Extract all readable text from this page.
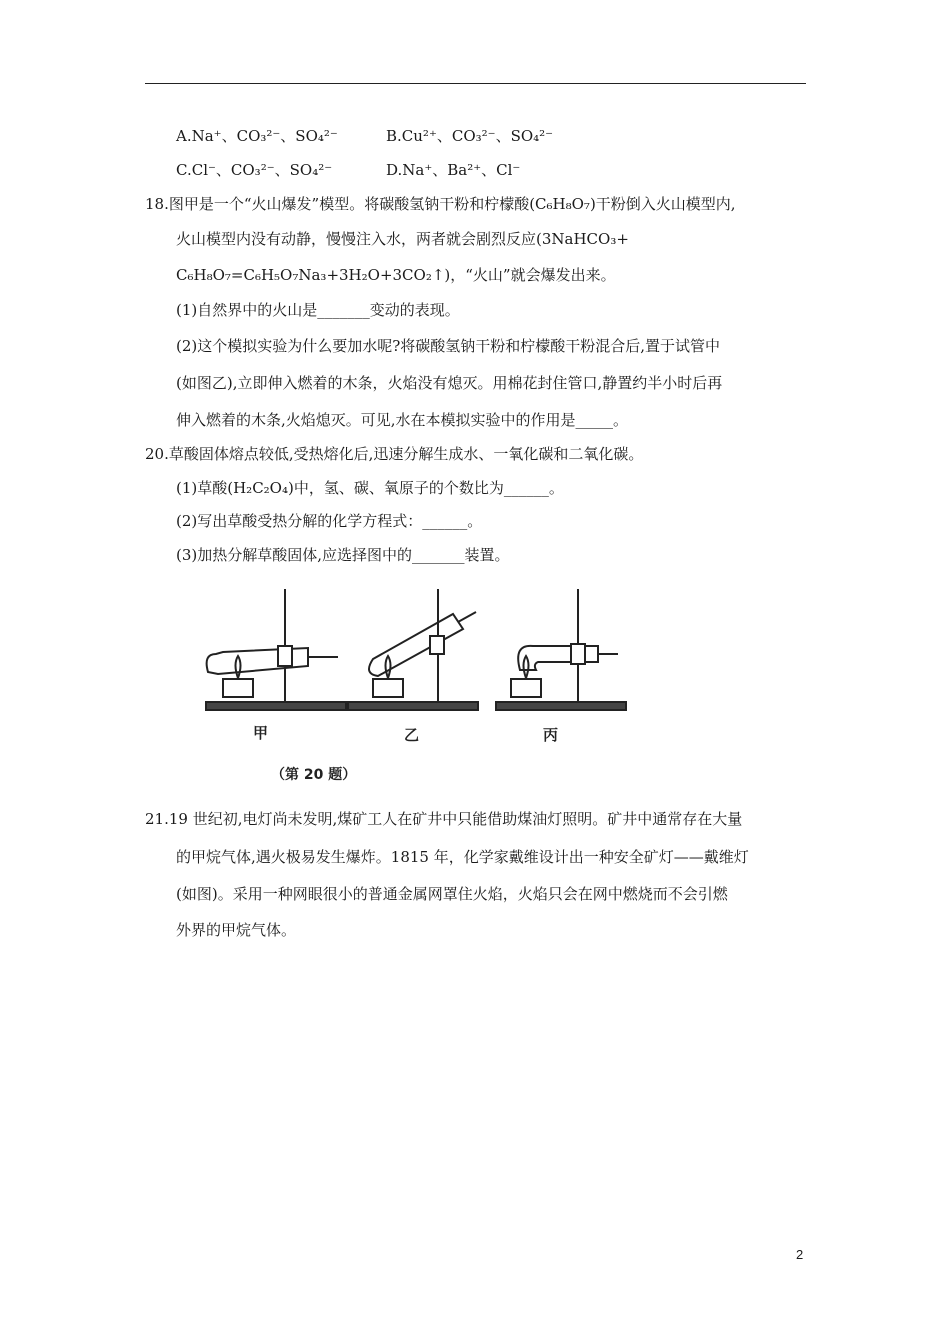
A.Na⁺、CO₃²⁻、SO₄²⁻	B.Cu²⁺、CO₃²⁻、SO₄²⁻
C.Cl⁻、CO₃²⁻、SO₄²⁻	D.Na⁺、Ba²⁺、Cl⁻
18.图甲是一个“火山爆发”模型。将碳酸氢钠干粉和柠檬酸(C₆H₈O₇)干粉倒入火山模型内,
火山模型内没有动静，慢慢注入水，两者就会剧烈反应(3NaHCO₃+
C₆H₈O₇=C₆H₅O₇Na₃+3H₂O+3CO₂↑)，“火山”就会爆发出来。
(1)自然界中的火山是_______变动的表现。
(2)这个模拟实验为什么要加水呢?将碳酸氢钠干粉和柠檬酸干粉混合后,置于试管中
(如图乙),立即伸入燃着的木条，火焰没有熄灭。用棉花封住管口,静置约半小时后再
伸入燃着的木条,火焰熄灭。可见,水在本模拟实验中的作用是_____。
20.草酸固体熔点较低,受热熔化后,迅速分解生成水、一氧化碳和二氧化碳。
(1)草酸(H₂C₂O₄)中，氢、碳、氧原子的个数比为______。
(2)写出草酸受热分解的化学方程式：______。
(3)加热分解草酸固体,应选择图中的_______装置。
甲	乙	丙
（第 20 题）
21.19 世纪初,电灯尚未发明,煤矿工人在矿井中只能借助煤油灯照明。矿井中通常存在大量
的甲烷气体,遇火极易发生爆炸。1815 年，化学家戴维设计出一种安全矿灯——戴维灯
(如图)。采用一种网眼很小的普通金属网罩住火焰，火焰只会在网中燃烧而不会引燃
外界的甲烷气体。
2
